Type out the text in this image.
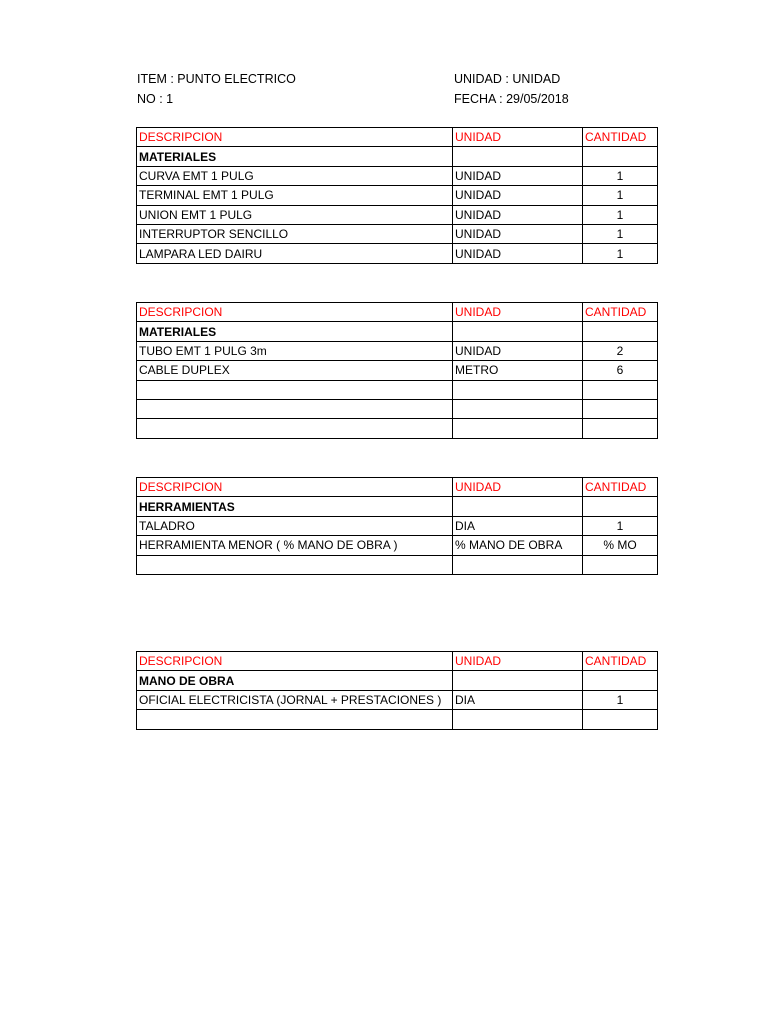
ITEM : PUNTO ELECTRICO
NO : 1
UNIDAD : UNIDAD
FECHA : 29/05/2018
DESCRIPCION	UNIDAD	CANTIDAD
MATERIALES		
CURVA EMT 1 PULG	UNIDAD	1
TERMINAL EMT 1 PULG	UNIDAD	1
UNION EMT 1 PULG	UNIDAD	1
INTERRUPTOR SENCILLO	UNIDAD	1
LAMPARA LED DAIRU	UNIDAD	1
DESCRIPCION	UNIDAD	CANTIDAD
MATERIALES		
TUBO EMT 1 PULG 3m	UNIDAD	2
CABLE DUPLEX	METRO	6

DESCRIPCION	UNIDAD	CANTIDAD
HERRAMIENTAS		
TALADRO	DIA	1
HERRAMIENTA MENOR ( % MANO DE OBRA )	% MANO DE OBRA	% MO

DESCRIPCION	UNIDAD	CANTIDAD
MANO DE OBRA		
OFICIAL ELECTRICISTA (JORNAL + PRESTACIONES )	DIA	1
